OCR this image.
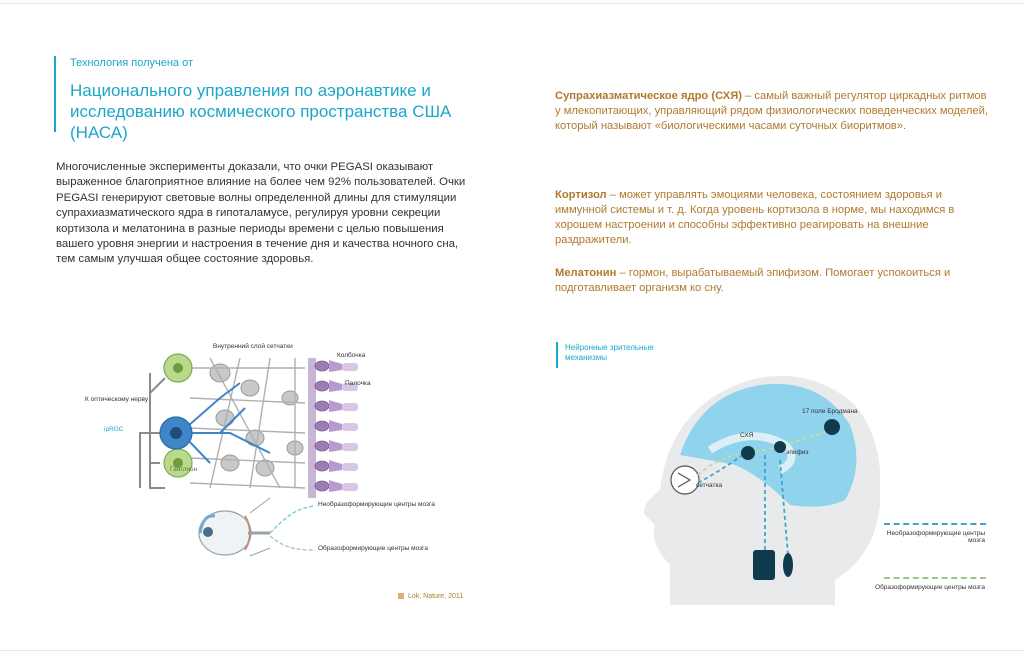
Технология получена от
Национального управления по аэронавтике и исследованию космического пространства США (НАСА)
Многочисленные эксперименты доказали, что очки PEGASI оказывают выраженное благоприятное влияние на более чем 92% пользователей. Очки PEGASI генерируют световые волны определенной длины для стимуляции супрахиазматического ядра в гипоталамусе, регулируя уровни секреции кортизола и мелатонина в разные периоды времени с целью повышения вашего уровня энергии и настроения в течение дня и качества ночного сна, тем самым улучшая общее состояние здоровья.
Супрахиазматическое ядро (СХЯ) – самый важный регулятор циркадных ритмов у млекопитающих, управляющий рядом физиологических поведенческих моделей, который называют «биологическими часами суточных биоритмов».
Кортизол – может управлять эмоциями человека, состоянием здоровья и иммунной системы и т. д. Когда уровень кортизола в норме, мы находимся в хорошем настроении и способны эффективно реагировать на внешние раздражители.
Мелатонин – гормон, вырабатываемый эпифизом. Помогает успокоиться и подготавливает организм ко сну.
Внутренний слой сетчатки
Колбочка
Палочка
К оптическому нерву
ipRGC
Ганглион
Необразоформирующие центры мозга
Образоформирующие центры мозга
Lok, Nature, 2011
Нейронные зрительные механизмы
17 поле Бродмана
СХЯ
эпифиз
сетчатка
Необразоформирующие центры мозга
Образоформирующие центры мозга
